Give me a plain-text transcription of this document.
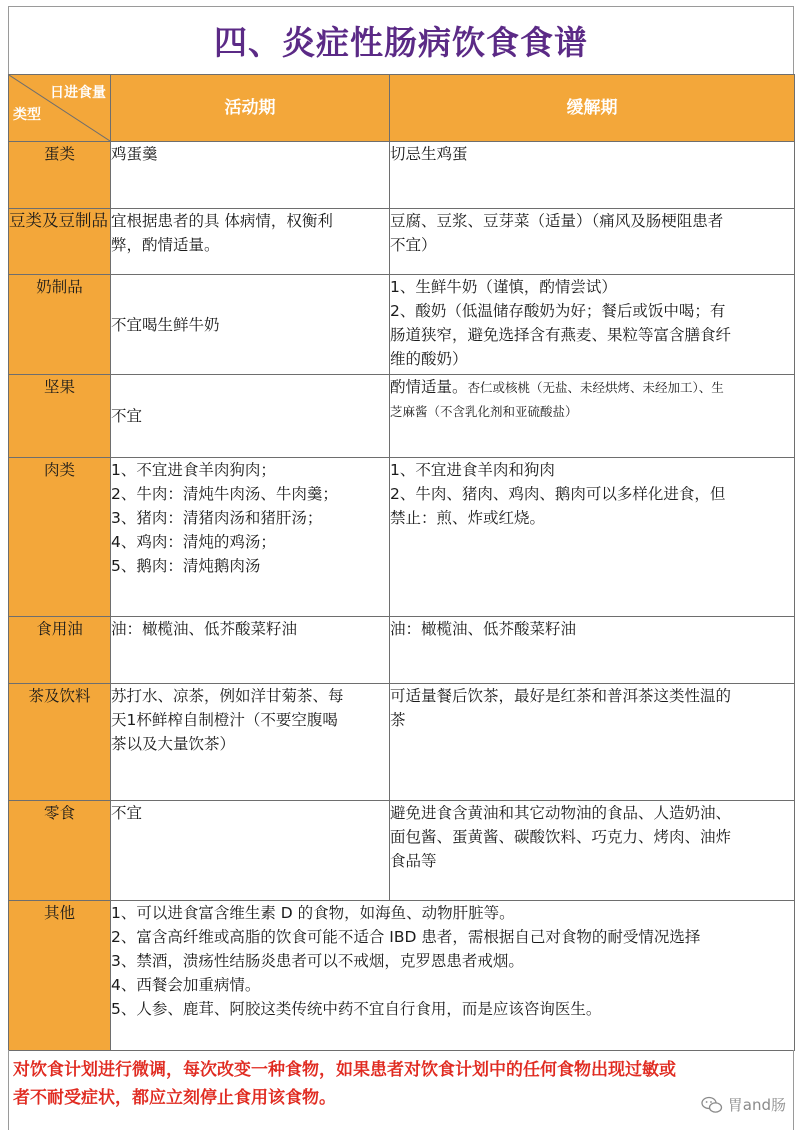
四、炎症性肠病饮食食谱
日进食量
类型	活动期	缓解期
蛋类	鸡蛋羹	切忌生鸡蛋

豆类及豆制品	宜根据患者的具 体病情，权衡利
弊，酌情适量。	豆腐、豆浆、豆芽菜（适量）（痛风及肠梗阻患者
不宜）

奶制品	不宜喝生鲜牛奶	1、生鲜牛奶（谨慎，酌情尝试）
2、酸奶（低温储存酸奶为好；餐后或饭中喝；有
肠道狭窄，避免选择含有燕麦、果粒等富含膳食纤
维的酸奶）

坚果	不宜	酌情适量。杏仁或核桃（无盐、未经烘烤、未经加工）、生
芝麻酱（不含乳化剂和亚硫酸盐）

肉类	1、不宜进食羊肉狗肉；
2、牛肉：清炖牛肉汤、牛肉羹；
3、猪肉：清猪肉汤和猪肝汤；
4、鸡肉：清炖的鸡汤；
5、鹅肉：清炖鹅肉汤	1、不宜进食羊肉和狗肉
2、牛肉、猪肉、鸡肉、鹅肉可以多样化进食，但
禁止：煎、炸或红烧。

食用油	油：橄榄油、低芥酸菜籽油	油：橄榄油、低芥酸菜籽油

茶及饮料	苏打水、凉茶，例如洋甘菊茶、每
天1杯鲜榨自制橙汁（不要空腹喝
茶以及大量饮茶）	可适量餐后饮茶，最好是红茶和普洱茶这类性温的
茶

零食	不宜	避免进食含黄油和其它动物油的食品、人造奶油、
面包酱、蛋黄酱、碳酸饮料、巧克力、烤肉、油炸
食品等

其他	1、可以进食富含维生素 D 的食物，如海鱼、动物肝脏等。
2、富含高纤维或高脂的饮食可能不适合 IBD 患者，需根据自己对食物的耐受情况选择
3、禁酒，溃疡性结肠炎患者可以不戒烟，克罗恩患者戒烟。
4、西餐会加重病情。
5、人参、鹿茸、阿胶这类传统中药不宜自行食用，而是应该咨询医生。	
对饮食计划进行微调，每次改变一种食物，如果患者对饮食计划中的任何食物出现过敏或
者不耐受症状，都应立刻停止食用该食物。	胃and肠
